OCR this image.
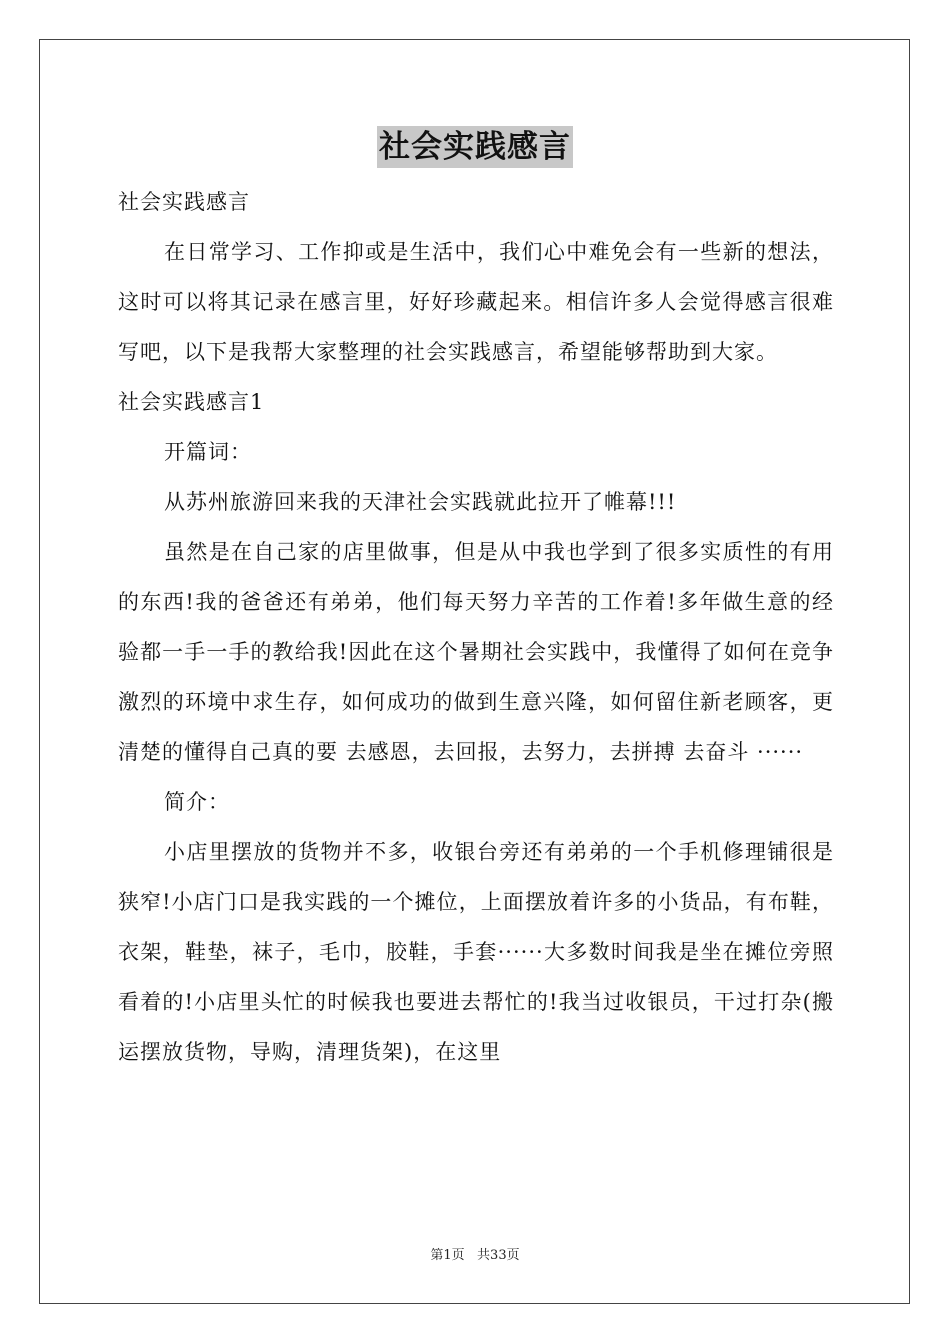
社会实践感言

社会实践感言

在日常学习、工作抑或是生活中，我们心中难免会有一些新的想法，这时可以将其记录在感言里，好好珍藏起来。相信许多人会觉得感言很难写吧，以下是我帮大家整理的社会实践感言，希望能够帮助到大家。

社会实践感言1

开篇词：

从苏州旅游回来我的天津社会实践就此拉开了帷幕!!!

虽然是在自己家的店里做事，但是从中我也学到了很多实质性的有用的东西!我的爸爸还有弟弟，他们每天努力辛苦的工作着!多年做生意的经验都一手一手的教给我!因此在这个暑期社会实践中，我懂得了如何在竞争激烈的环境中求生存，如何成功的做到生意兴隆，如何留住新老顾客，更清楚的懂得自己真的要 去感恩，去回报，去努力，去拼搏 去奋斗 ······

简介：

小店里摆放的货物并不多，收银台旁还有弟弟的一个手机修理铺很是狭窄!小店门口是我实践的一个摊位，上面摆放着许多的小货品，有布鞋，衣架，鞋垫，袜子，毛巾，胶鞋，手套······大多数时间我是坐在摊位旁照看着的!小店里头忙的时候我也要进去帮忙的!我当过收银员，干过打杂(搬运摆放货物，导购，清理货架)，在这里

第1页   共33页
